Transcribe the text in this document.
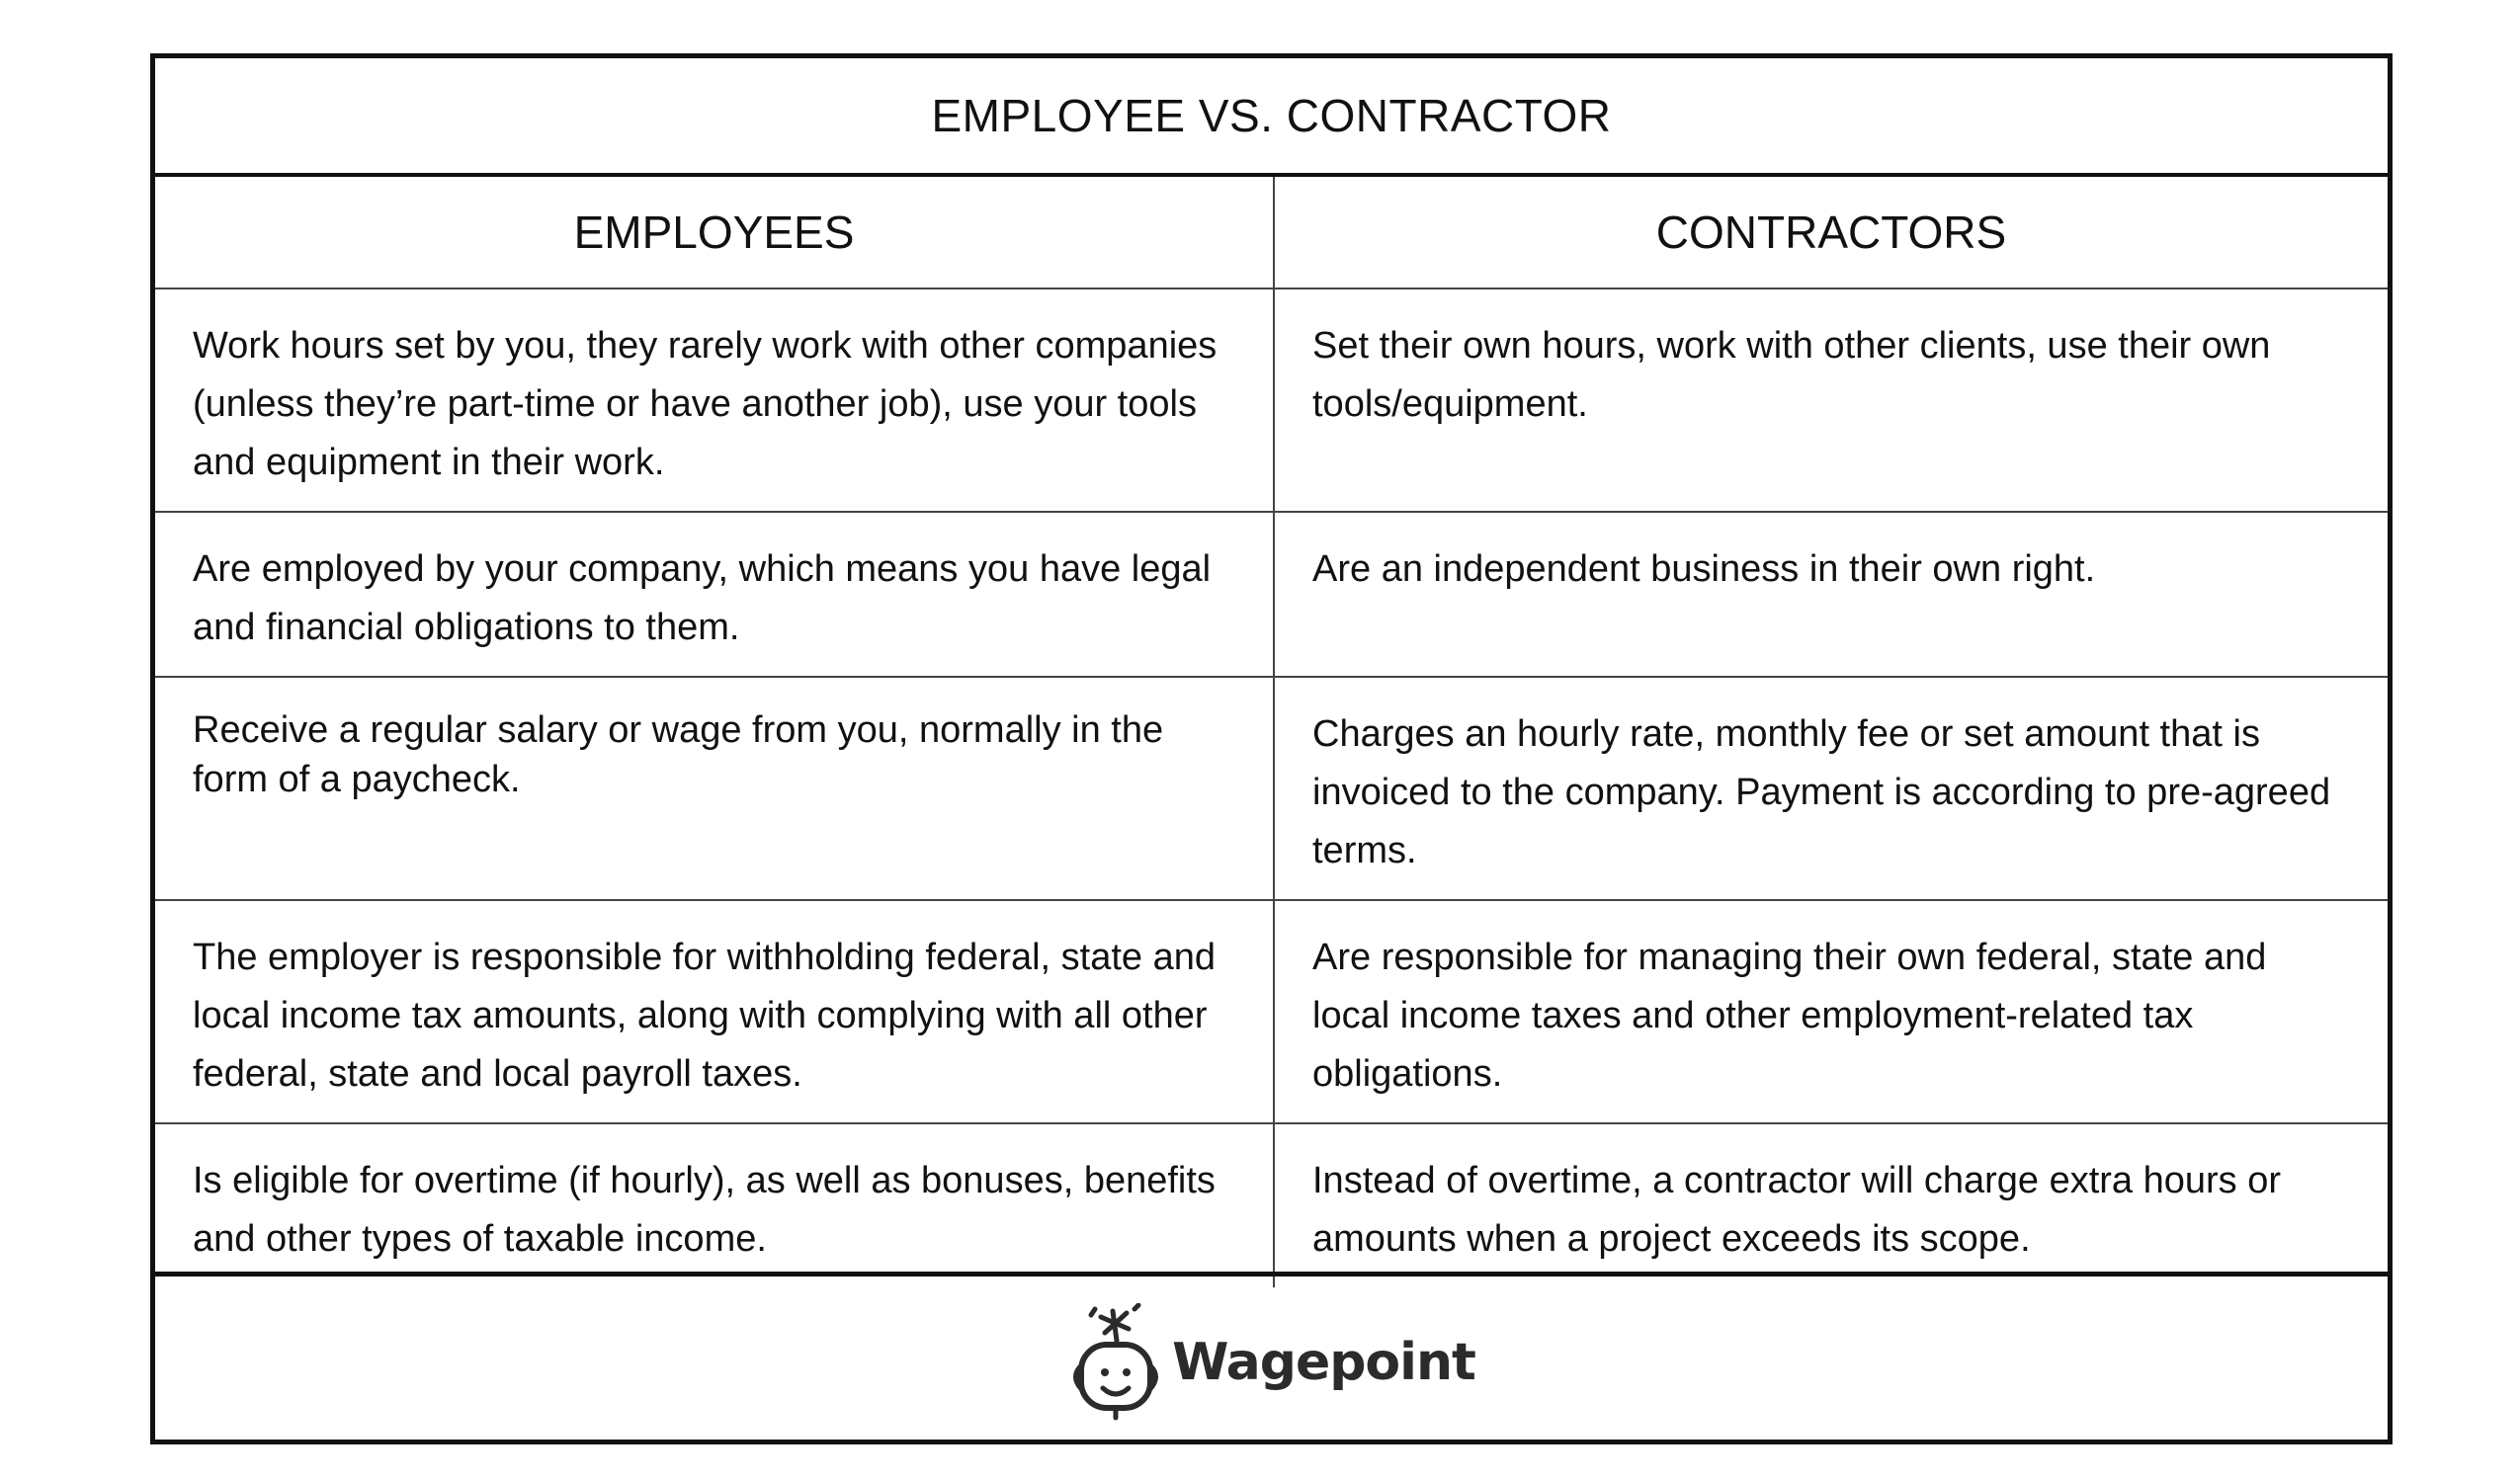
EMPLOYEE VS. CONTRACTOR
EMPLOYEES	CONTRACTORS
Work hours set by you, they rarely work with other companies (unless they’re part-time or have another job), use your tools and equipment in their work.
Set their own hours, work with other clients, use their own tools/equipment.
Are employed by your company, which means you have legal and financial obligations to them.
Are an independent business in their own right.
Receive a regular salary or wage from you, normally in the form of a paycheck.
Charges an hourly rate, monthly fee or set amount that is invoiced to the company. Payment is according to pre-agreed terms.
The employer is responsible for withholding federal, state and local income tax amounts, along with complying with all other federal, state and local payroll taxes.
Are responsible for managing their own federal, state and local income taxes and other employment-related tax obligations.
Is eligible for overtime (if hourly), as well as bonuses, benefits and other types of taxable income.
Instead of overtime, a contractor will charge extra hours or amounts when a project exceeds its scope.
Wagepoint
